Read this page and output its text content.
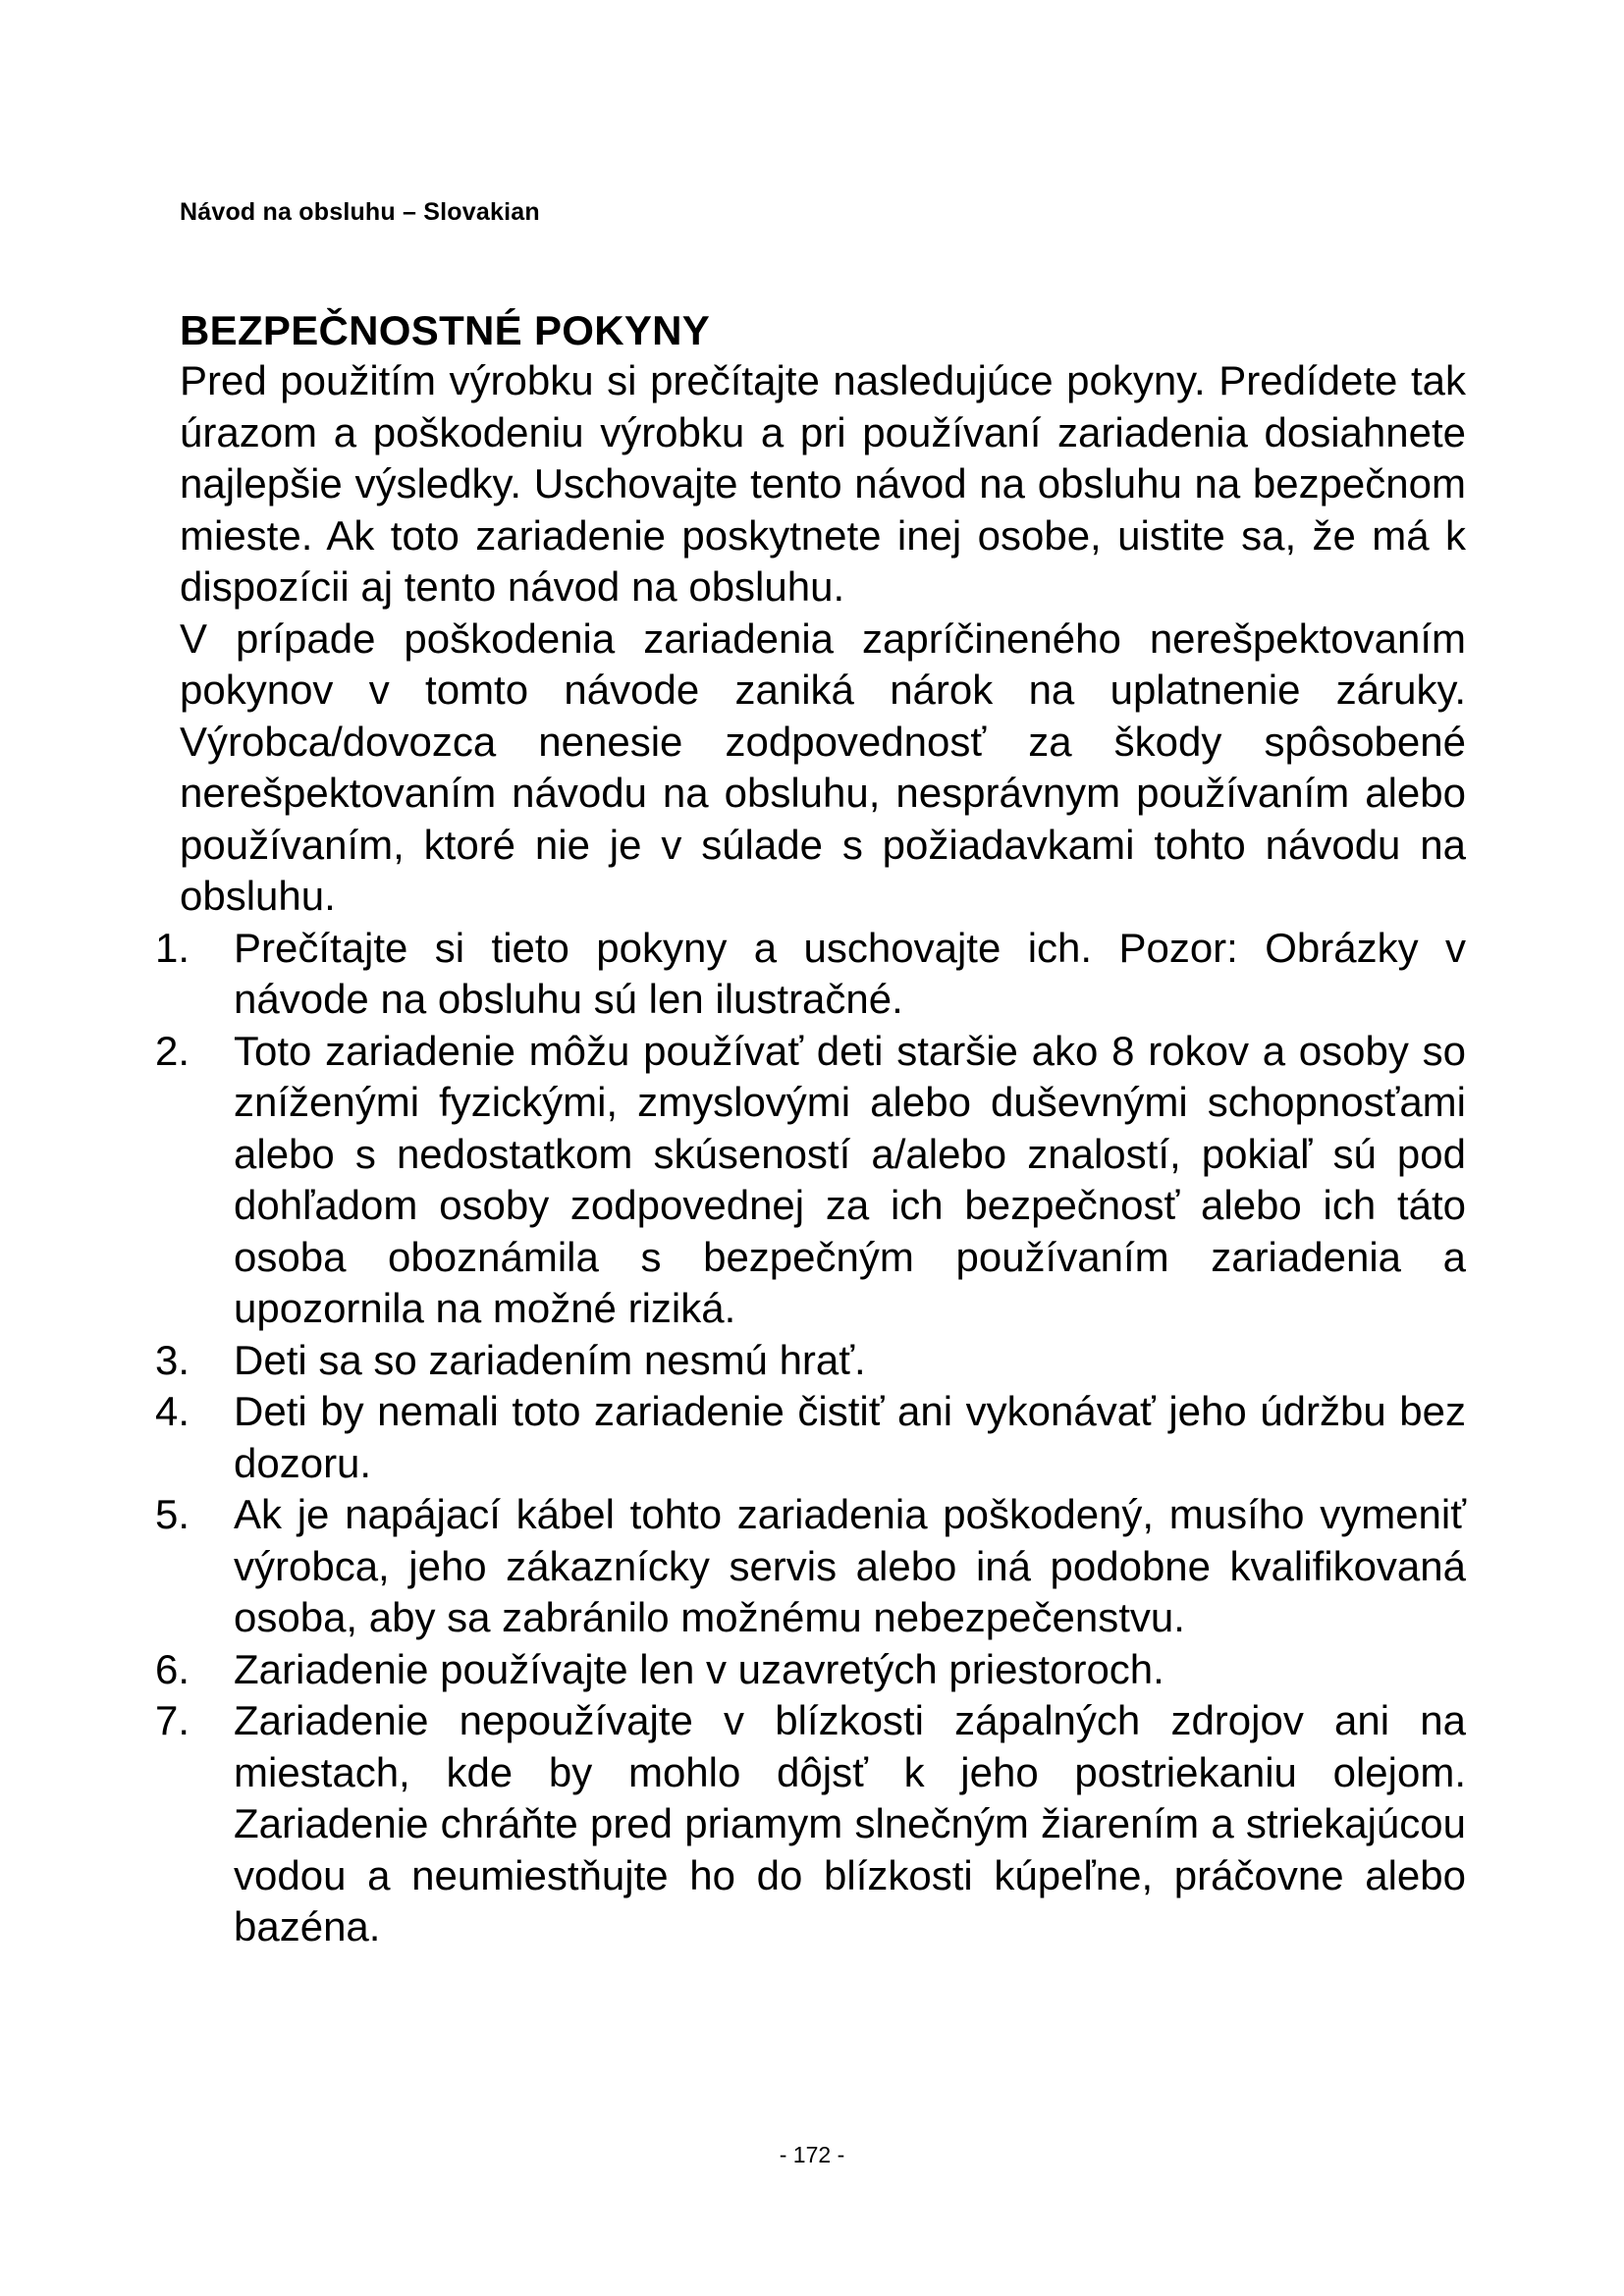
Návod na obsluhu – Slovakian
BEZPEČNOSTNÉ POKYNY

Pred použitím výrobku si prečítajte nasledujúce pokyny. Predídete tak úrazom a poškodeniu výrobku a pri používaní zariadenia dosiahnete najlepšie výsledky. Uschovajte tento návod na obsluhu na bezpečnom mieste. Ak toto zariadenie poskytnete inej osobe, uistite sa, že má k dispozícii aj tento návod na obsluhu.

V prípade poškodenia zariadenia zapríčineného nerešpektovaním pokynov v tomto návode zaniká nárok na uplatnenie záruky. Výrobca/dovozca nenesie zodpovednosť za škody spôsobené nerešpektovaním návodu na obsluhu, nesprávnym používaním alebo používaním, ktoré nie je v súlade s požiadavkami tohto návodu na obsluhu.

1.	Prečítajte si tieto pokyny a uschovajte ich. Pozor: Obrázky v návode na obsluhu sú len ilustračné.
2.	Toto zariadenie môžu používať deti staršie ako 8 rokov a osoby so zníženými fyzickými, zmyslovými alebo duševnými schopnosťami alebo s nedostatkom skúseností a/alebo znalostí, pokiaľ sú pod dohľadom osoby zodpovednej za ich bezpečnosť alebo ich táto osoba oboznámila s bezpečným používaním zariadenia a upozornila na možné riziká.
3.	Deti sa so zariadením nesmú hrať.
4.	Deti by nemali toto zariadenie čistiť ani vykonávať jeho údržbu bez dozoru.
5.	Ak je napájací kábel tohto zariadenia poškodený, musího vymeniť výrobca, jeho zákaznícky servis alebo iná podobne kvalifikovaná osoba, aby sa zabránilo možnému nebezpečenstvu.
6.	Zariadenie používajte len v uzavretých priestoroch.
7.	Zariadenie nepoužívajte v blízkosti zápalných zdrojov ani na miestach, kde by mohlo dôjsť k jeho postriekaniu olejom. Zariadenie chráňte pred priamym slnečným žiarením a striekajúcou vodou a neumiestňujte ho do blízkosti kúpeľne, práčovne alebo bazéna.
- 172 -
